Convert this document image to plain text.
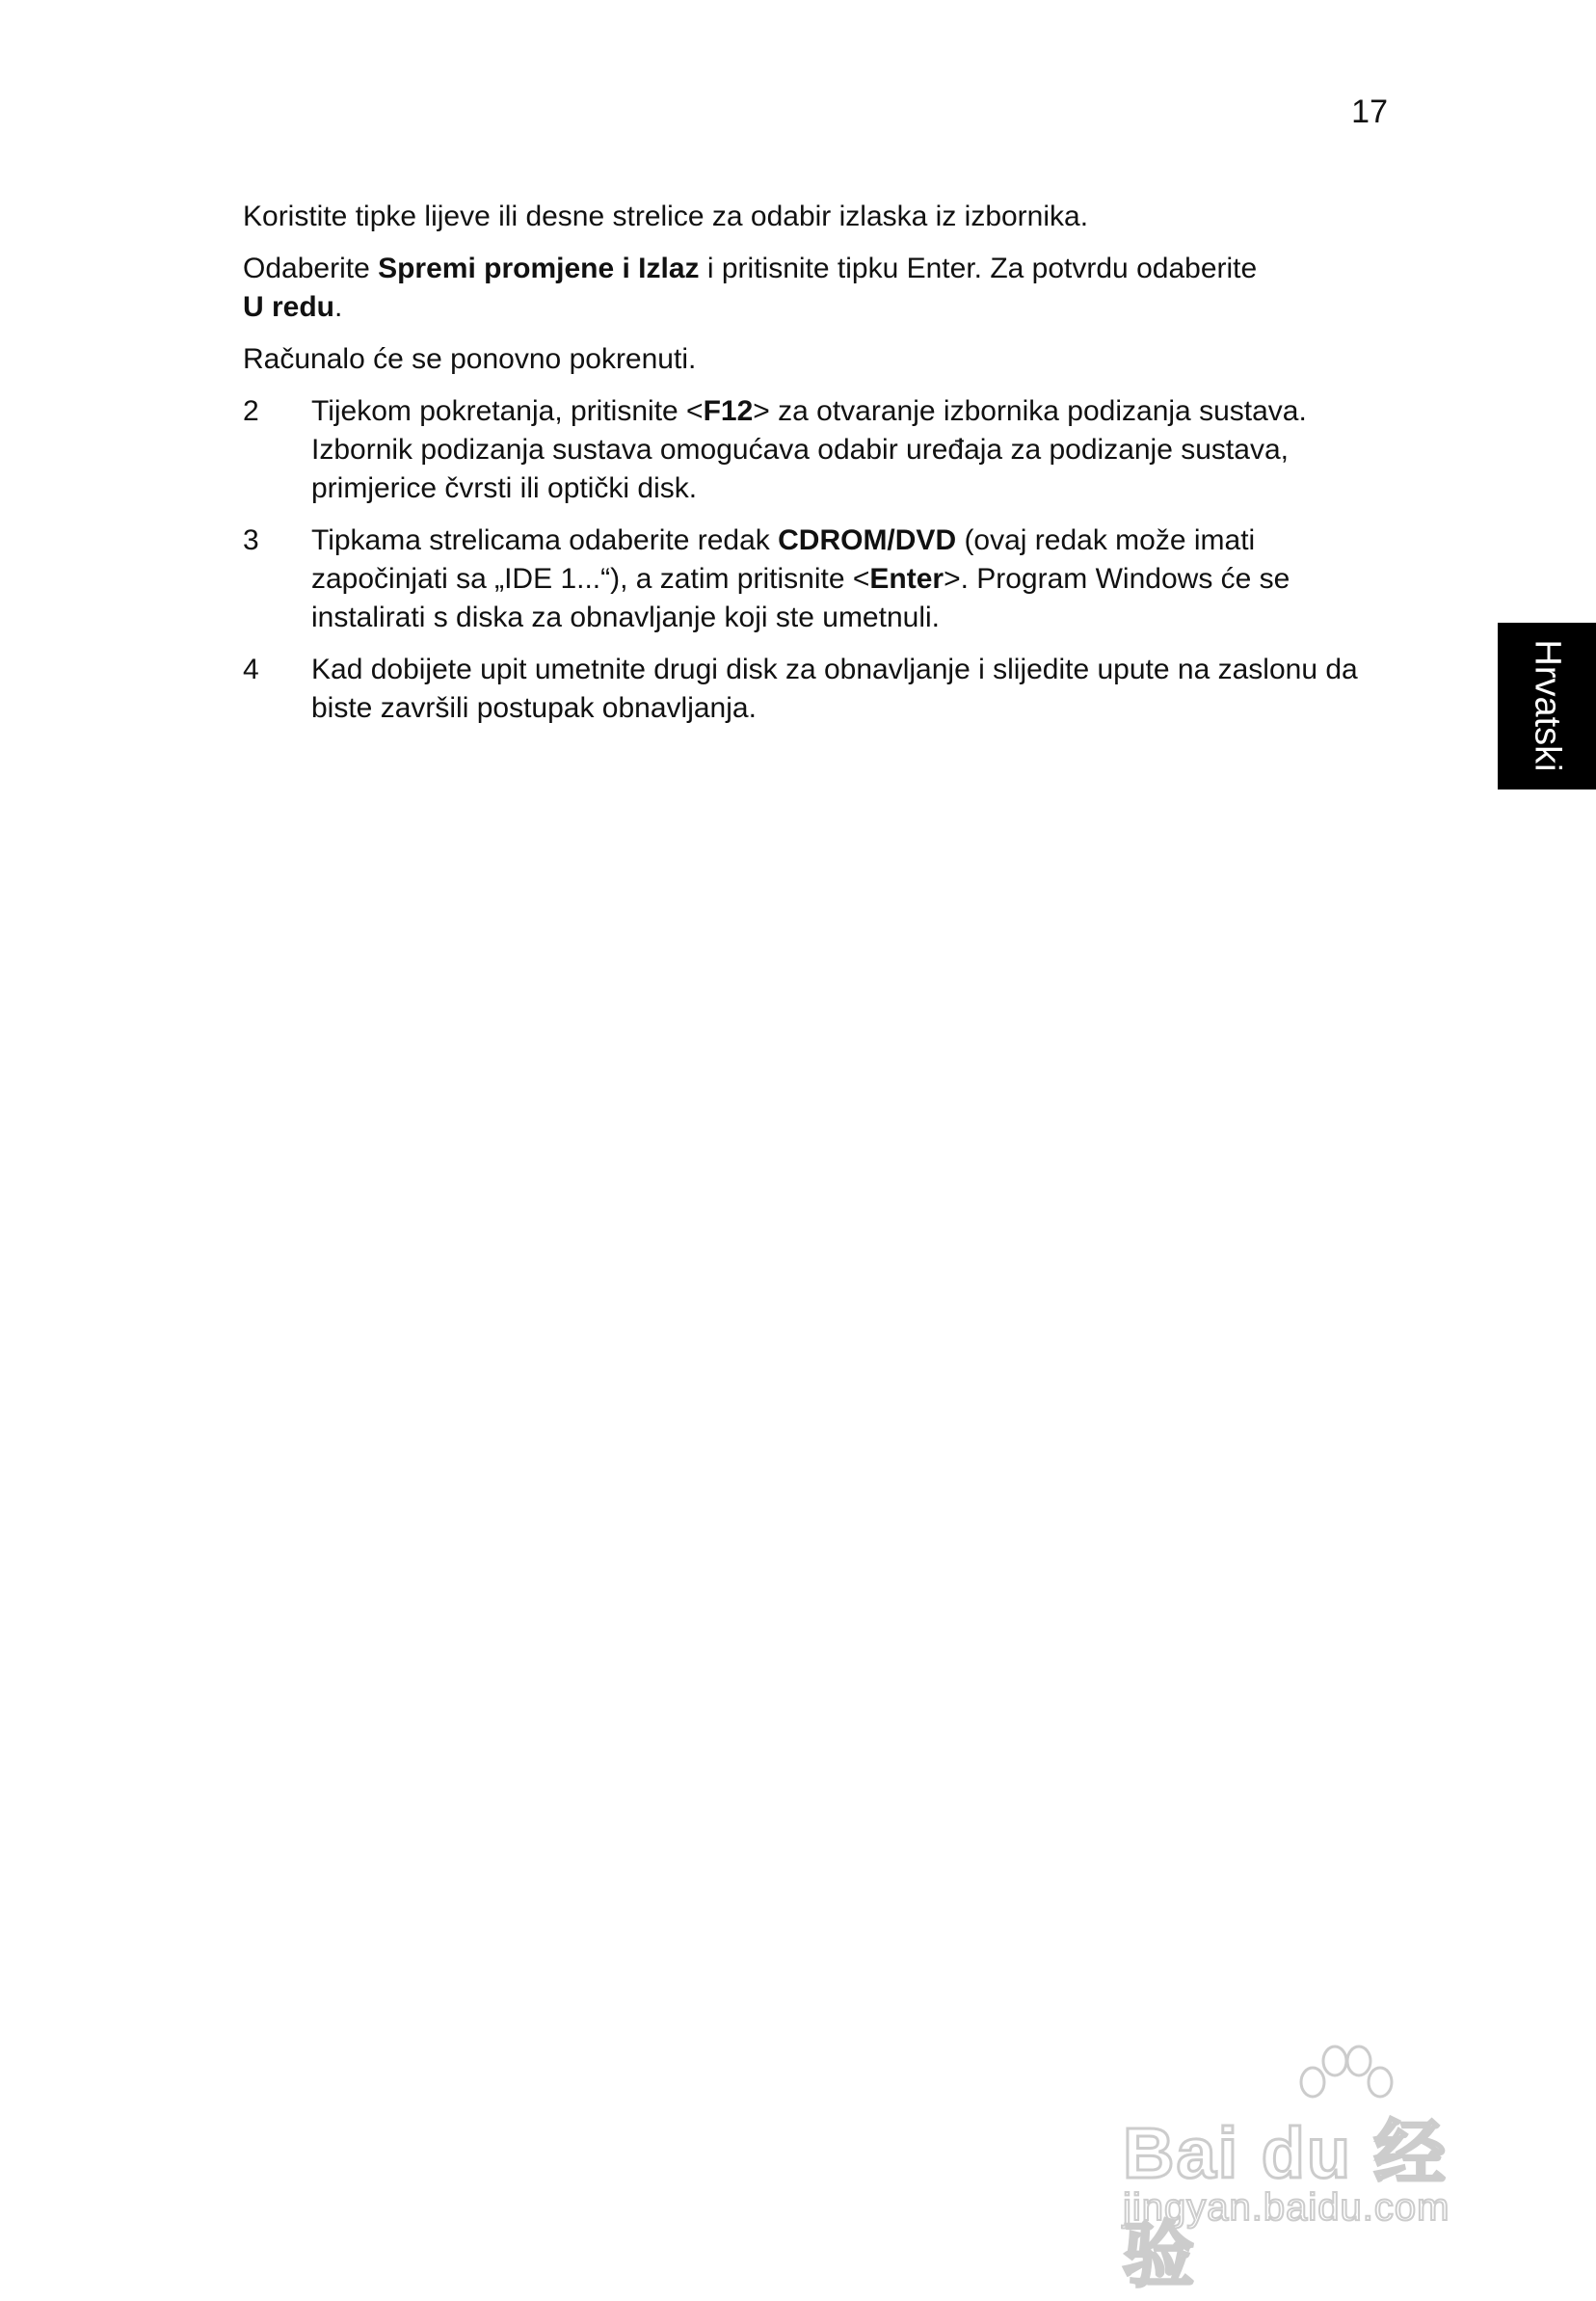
17

Koristite tipke lijeve ili desne strelice za odabir izlaska iz izbornika.

Odaberite Spremi promjene i Izlaz i pritisnite tipku Enter. Za potvrdu odaberite
U redu.

Računalo će se ponovno pokrenuti.

2	Tijekom pokretanja, pritisnite <F12> za otvaranje izbornika podizanja sustava. Izbornik podizanja sustava omogućava odabir uređaja za podizanje sustava, primjerice čvrsti ili optički disk.
3	Tipkama strelicama odaberite redak CDROM/DVD (ovaj redak može imati započinjati sa „IDE 1...“), a zatim pritisnite <Enter>. Program Windows će se instalirati s diska za obnavljanje koji ste umetnuli.
4	Kad dobijete upit umetnite drugi disk za obnavljanje i slijedite upute na zaslonu da biste završili postupak obnavljanja.	Hrvatski
Bai du 经验
jingyan.baidu.com
